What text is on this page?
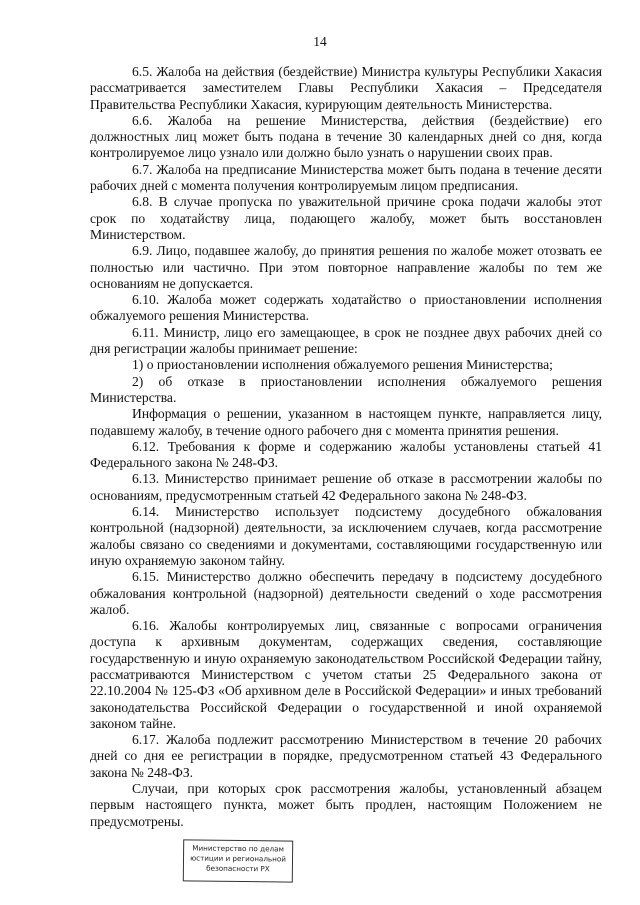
14

6.5. Жалоба на действия (бездействие) Министра культуры Республики Хакасия рассматривается заместителем Главы Республики Хакасия – Председателя Правительства Республики Хакасия, курирующим деятельность Министерства.

6.6. Жалоба на решение Министерства, действия (бездействие) его должностных лиц может быть подана в течение 30 календарных дней со дня, когда контролируемое лицо узнало или должно было узнать о нарушении своих прав.

6.7. Жалоба на предписание Министерства может быть подана в течение десяти рабочих дней с момента получения контролируемым лицом предписания.

6.8. В случае пропуска по уважительной причине срока подачи жалобы этот срок по ходатайству лица, подающего жалобу, может быть восстановлен Министерством.

6.9. Лицо, подавшее жалобу, до принятия решения по жалобе может отозвать ее полностью или частично. При этом повторное направление жалобы по тем же основаниям не допускается.

6.10. Жалоба может содержать ходатайство о приостановлении исполнения обжалуемого решения Министерства.

6.11. Министр, лицо его замещающее, в срок не позднее двух рабочих дней со дня регистрации жалобы принимает решение:

1) о приостановлении исполнения обжалуемого решения Министерства;

2) об отказе в приостановлении исполнения обжалуемого решения Министерства.

Информация о решении, указанном в настоящем пункте, направляется лицу, подавшему жалобу, в течение одного рабочего дня с момента принятия решения.

6.12. Требования к форме и содержанию жалобы установлены статьей 41 Федерального закона № 248-ФЗ.

6.13. Министерство принимает решение об отказе в рассмотрении жалобы по основаниям, предусмотренным статьей 42 Федерального закона № 248-ФЗ.

6.14. Министерство использует подсистему досудебного обжалования контрольной (надзорной) деятельности, за исключением случаев, когда рассмотрение жалобы связано со сведениями и документами, составляющими государственную или иную охраняемую законом тайну.

6.15. Министерство должно обеспечить передачу в подсистему досудебного обжалования контрольной (надзорной) деятельности сведений о ходе рассмотрения жалоб.

6.16. Жалобы контролируемых лиц, связанные с вопросами ограничения доступа к архивным документам, содержащих сведения, составляющие государственную и иную охраняемую законодательством Российской Федерации тайну, рассматриваются Министерством с учетом статьи 25 Федерального закона от 22.10.2004 № 125-ФЗ «Об архивном деле в Российской Федерации» и иных требований законодательства Российской Федерации о государственной и иной охраняемой законом тайне.

6.17. Жалоба подлежит рассмотрению Министерством в течение 20 рабочих дней со дня ее регистрации в порядке, предусмотренном статьей 43 Федерального закона № 248-ФЗ.

Случаи, при которых срок рассмотрения жалобы, установленный абзацем первым настоящего пункта, может быть продлен, настоящим Положением не предусмотрены.

Министерство по делам
юстиции и региональной
безопасности РХ
